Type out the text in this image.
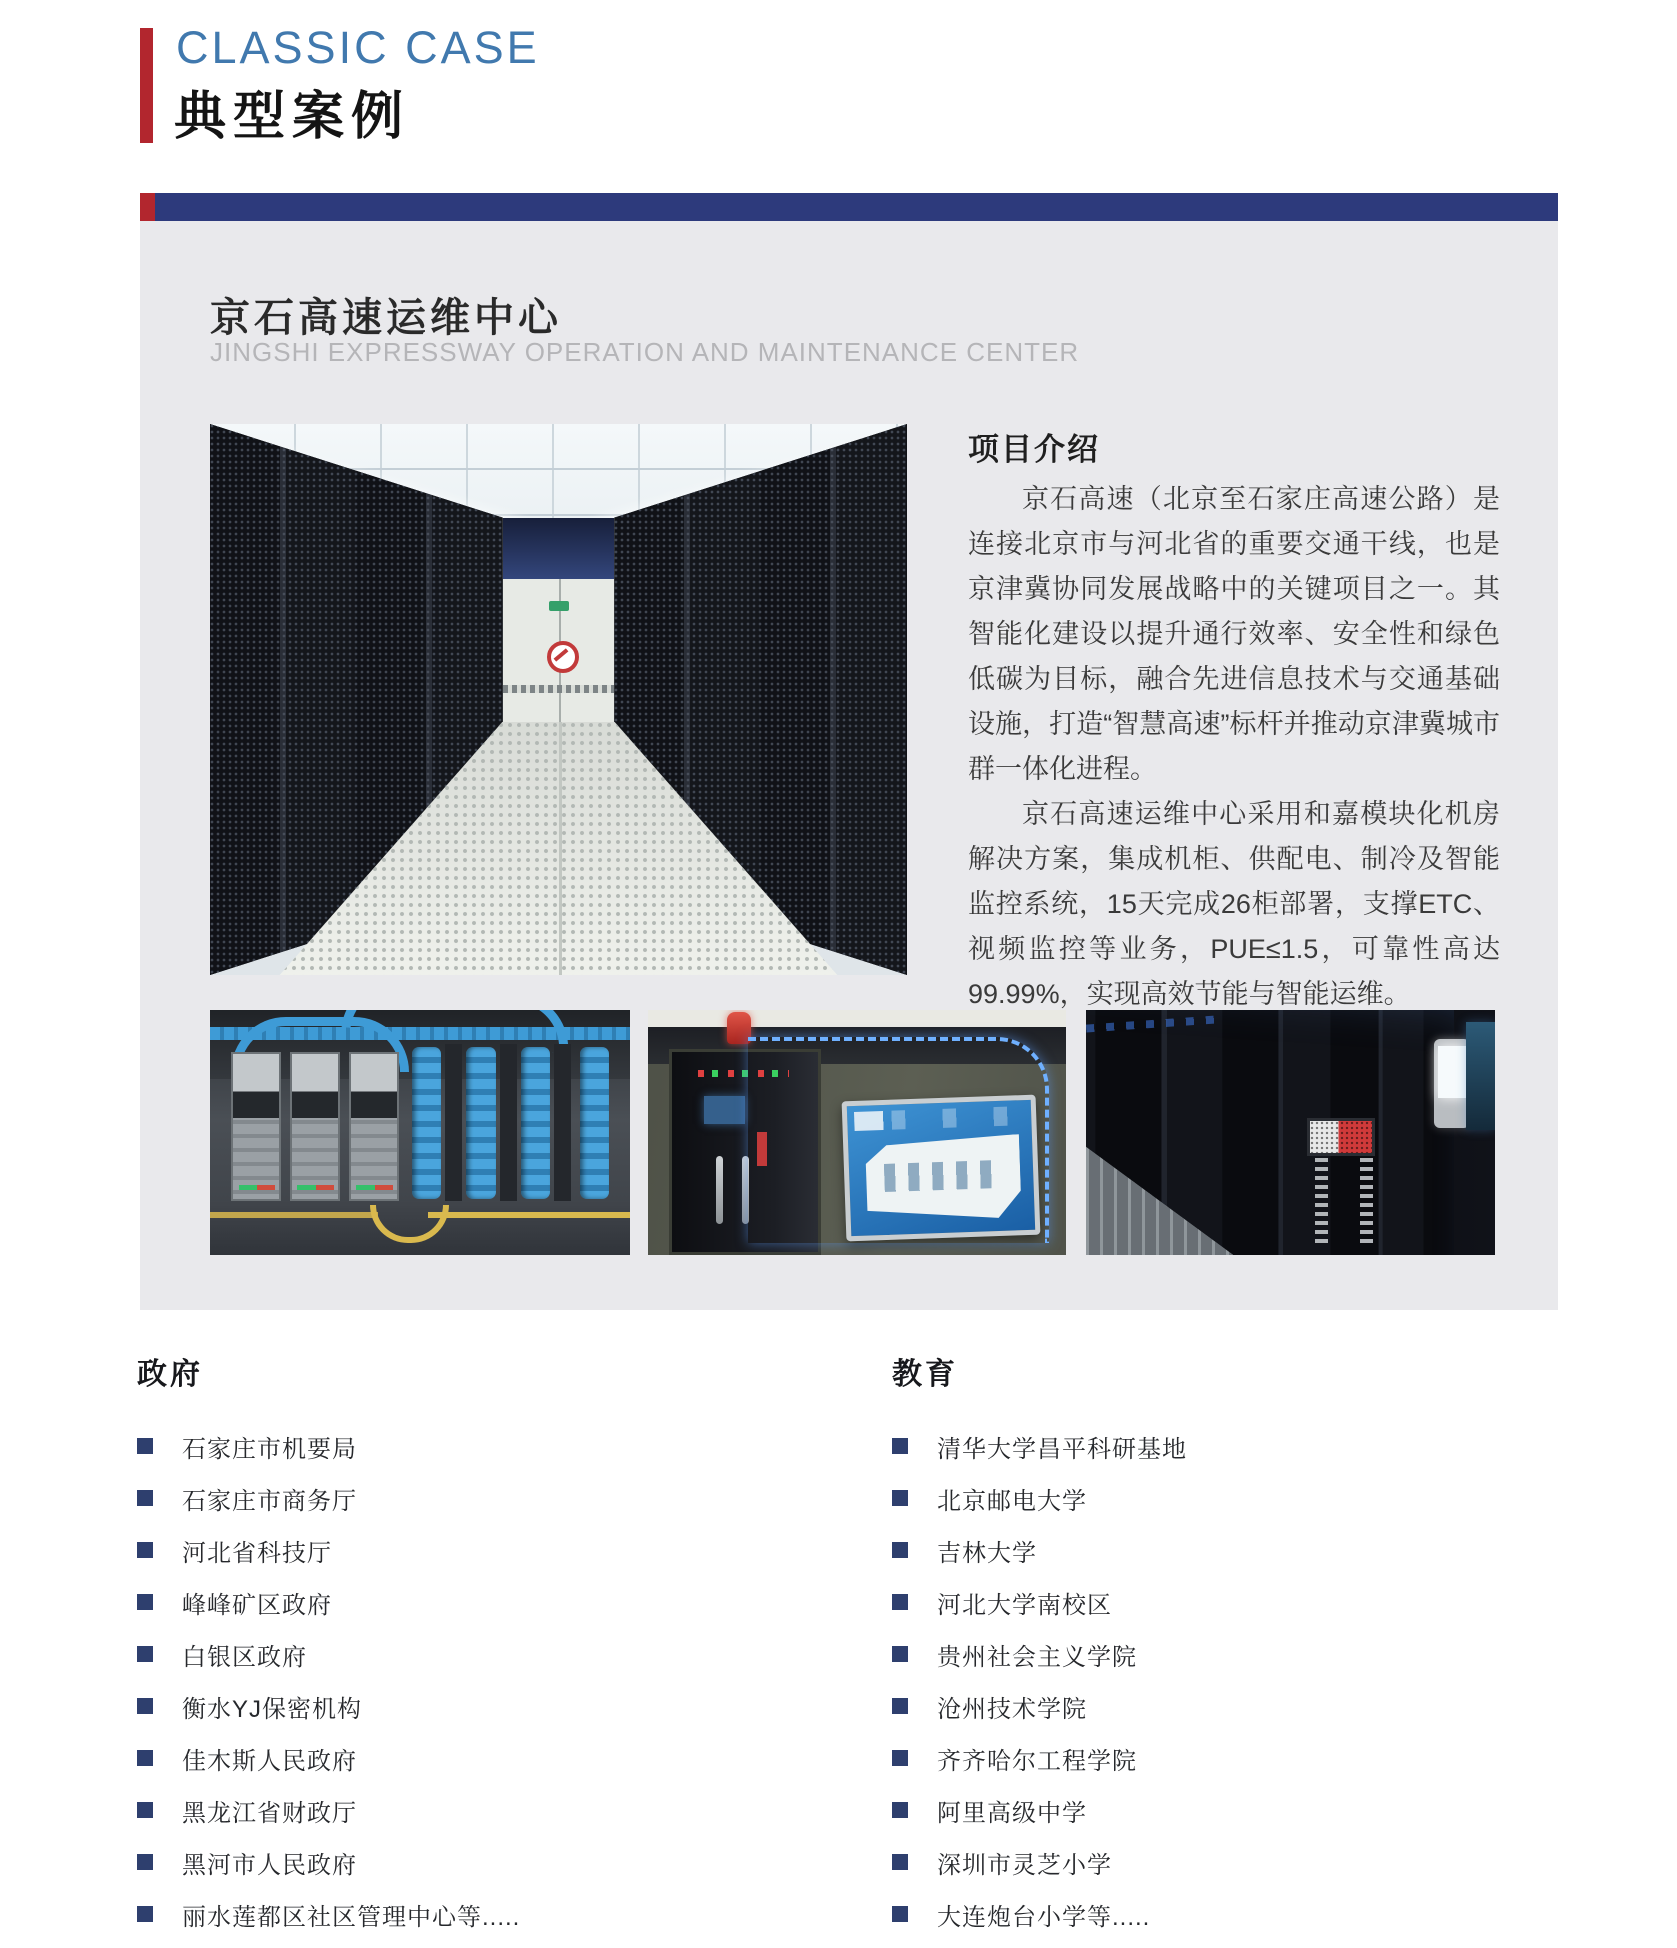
CLASSIC CASE
典型案例
京石高速运维中心
JINGSHI EXPRESSWAY OPERATION AND MAINTENANCE CENTER
项目介绍

京石高速（北京至石家庄高速公路）是连接北京市与河北省的重要交通干线，也是京津冀协同发展战略中的关键项目之一。其智能化建设以提升通行效率、安全性和绿色低碳为目标，融合先进信息技术与交通基础设施，打造“智慧高速”标杆并推动京津冀城市群一体化进程。

京石高速运维中心采用和嘉模块化机房解决方案，集成机柜、供配电、制冷及智能监控系统，15天完成26柜部署，支撑ETC、视频监控等业务，PUE≤1.5，可靠性高达99.99%，实现高效节能与智能运维。

政府
石家庄市机要局
石家庄市商务厅
河北省科技厅
峰峰矿区政府
白银区政府
衡水YJ保密机构
佳木斯人民政府
黑龙江省财政厅
黑河市人民政府
丽水莲都区社区管理中心等.....
教育
清华大学昌平科研基地
北京邮电大学
吉林大学
河北大学南校区
贵州社会主义学院
沧州技术学院
齐齐哈尔工程学院
阿里高级中学
深圳市灵芝小学
大连炮台小学等.....
